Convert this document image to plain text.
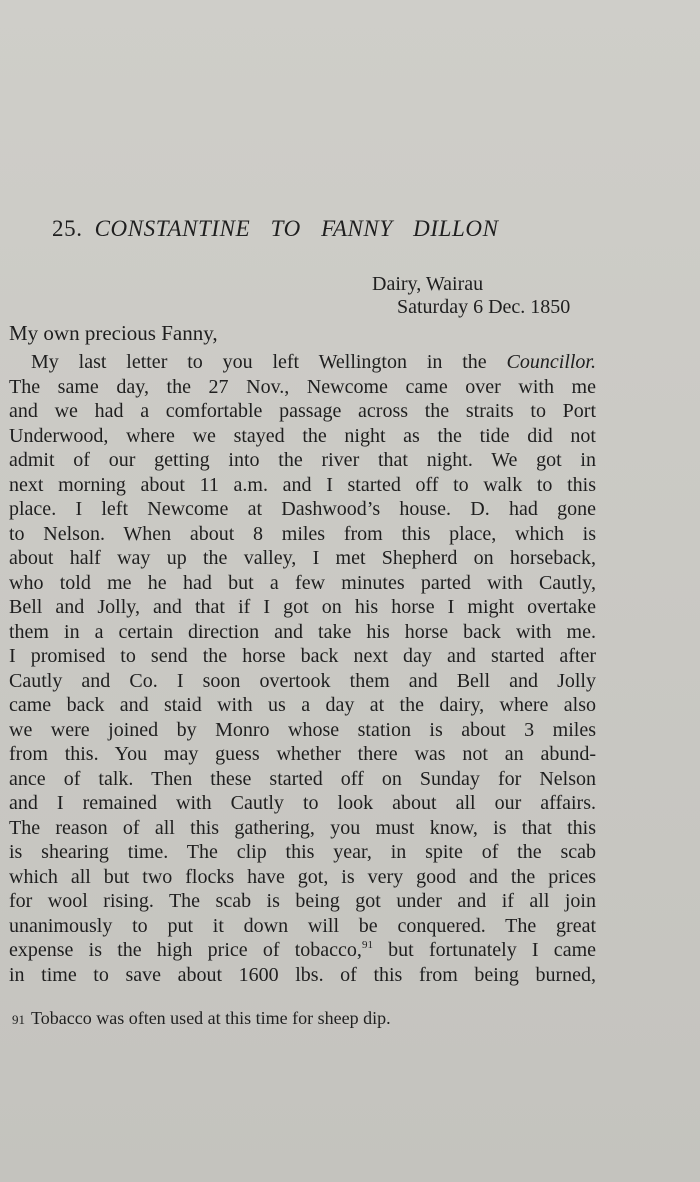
25. CONSTANTINE TO FANNY DILLON
Dairy, Wairau
Saturday 6 Dec. 1850
My own precious Fanny,
My last letter to you left Wellington in the Councillor.
The same day, the 27 Nov., Newcome came over with me
and we had a comfortable passage across the straits to Port
Underwood, where we stayed the night as the tide did not
admit of our getting into the river that night. We got in
next morning about 11 a.m. and I started off to walk to this
place. I left Newcome at Dashwood’s house. D. had gone
to Nelson. When about 8 miles from this place, which is
about half way up the valley, I met Shepherd on horseback,
who told me he had but a few minutes parted with Cautly,
Bell and Jolly, and that if I got on his horse I might overtake
them in a certain direction and take his horse back with me.
I promised to send the horse back next day and started after
Cautly and Co. I soon overtook them and Bell and Jolly
came back and staid with us a day at the dairy, where also
we were joined by Monro whose station is about 3 miles
from this. You may guess whether there was not an abund-
ance of talk. Then these started off on Sunday for Nelson
and I remained with Cautly to look about all our affairs.
The reason of all this gathering, you must know, is that this
is shearing time. The clip this year, in spite of the scab
which all but two flocks have got, is very good and the prices
for wool rising. The scab is being got under and if all join
unanimously to put it down will be conquered. The great
expense is the high price of tobacco,$^{91}$ but fortunately I came
in time to save about 1600 lbs. of this from being burned,
91 Tobacco was often used at this time for sheep dip.
